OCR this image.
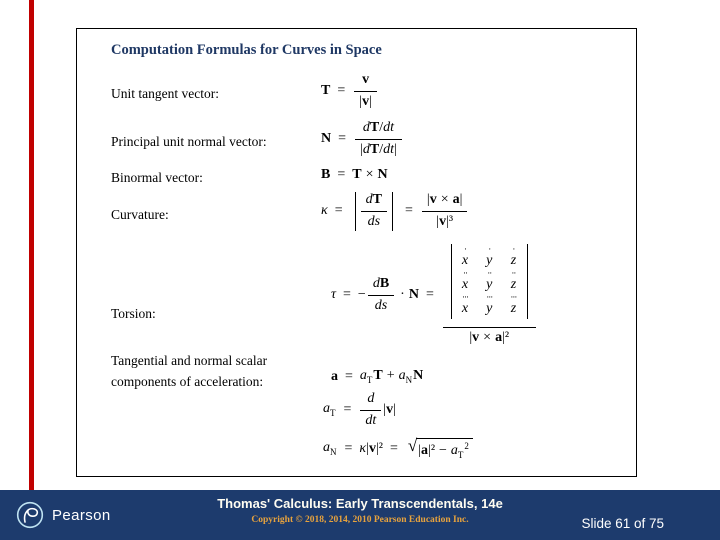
Computation Formulas for Curves in Space
Unit tangent vector:	$T = \frac{v}{|v|}$
Principal unit normal vector:	$N = \frac{dT/dt}{|dT/dt|}$
Binormal vector:	B = T × N
Curvature:	$\kappa = \frac{dT}{ds} = \frac{|v \times a|}{\text{|v|³}}$
Torsion:
τ = − $\frac{dB}{ds} \cdot N$ =
· x · y · z
·· x ·· y ·· z
··· x ··· y ··· z
|v × a|²
Tangential and normal scalar components of acceleration:	$a = a_TT + a_NN$
$a_T = \frac{d}{dt} |v|$
$a_N = \kappa|v|^2$ = √ $|a|^2 - a_T^2$
Pearson
Thomas' Calculus: Early Transcendentals, 14e
Copyright © 2018, 2014, 2010 Pearson Education Inc.	Slide 61 of 75
